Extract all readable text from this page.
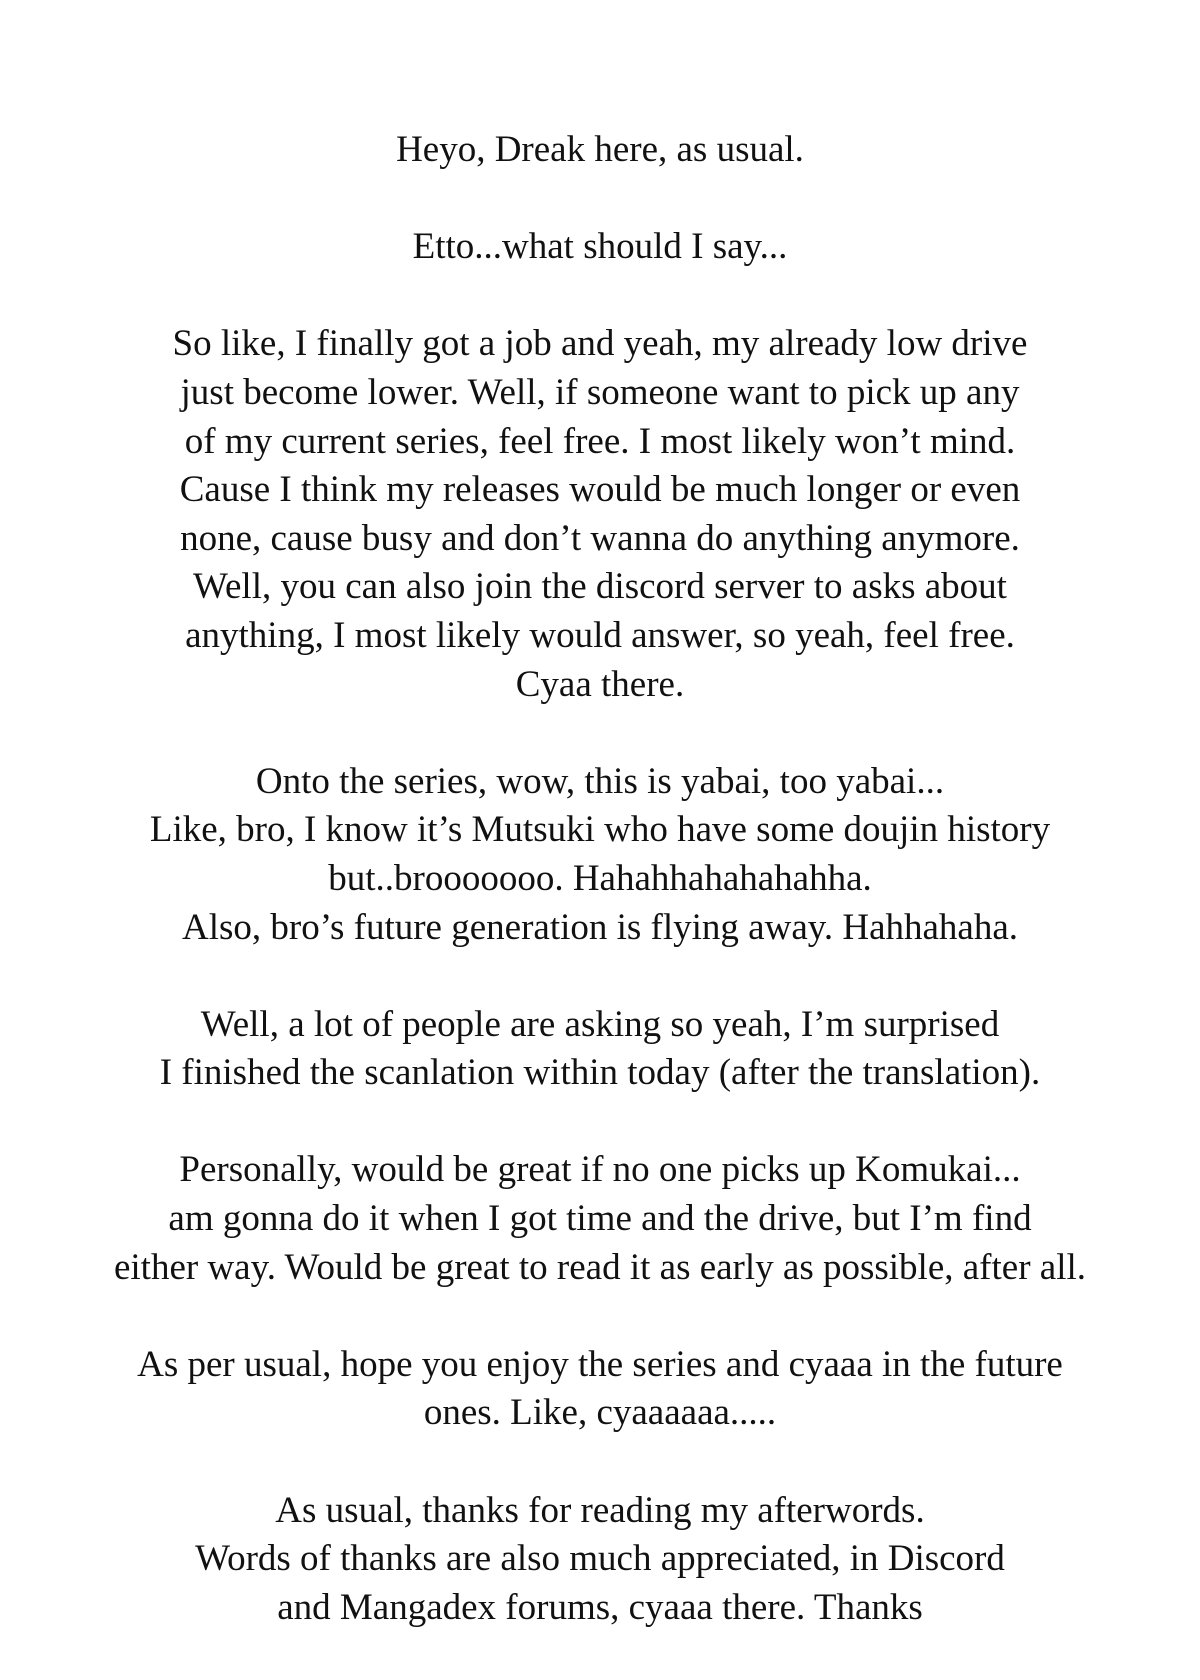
Heyo, Dreak here, as usual.

Etto...what should I say...

So like, I finally got a job and yeah, my already low drive
just become lower. Well, if someone want to pick up any
of my current series, feel free. I most likely won’t mind.
Cause I think my releases would be much longer or even
none, cause busy and don’t wanna do anything anymore.
Well, you can also join the discord server to asks about
anything, I most likely would answer, so yeah, feel free.
Cyaa there.

Onto the series, wow, this is yabai, too yabai...
Like, bro, I know it’s Mutsuki who have some doujin history
but..brooooooo. Hahahhahahahahha.
Also, bro’s future generation is flying away. Hahhahaha.

Well, a lot of people are asking so yeah, I’m surprised
I finished the scanlation within today (after the translation).

Personally, would be great if no one picks up Komukai...
am gonna do it when I got time and the drive, but I’m find
either way. Would be great to read it as early as possible, after all.

As per usual, hope you enjoy the series and cyaaa in the future
ones. Like, cyaaaaaa.....

As usual, thanks for reading my afterwords.
Words of thanks are also much appreciated, in Discord
and Mangadex forums, cyaaa there. Thanks
